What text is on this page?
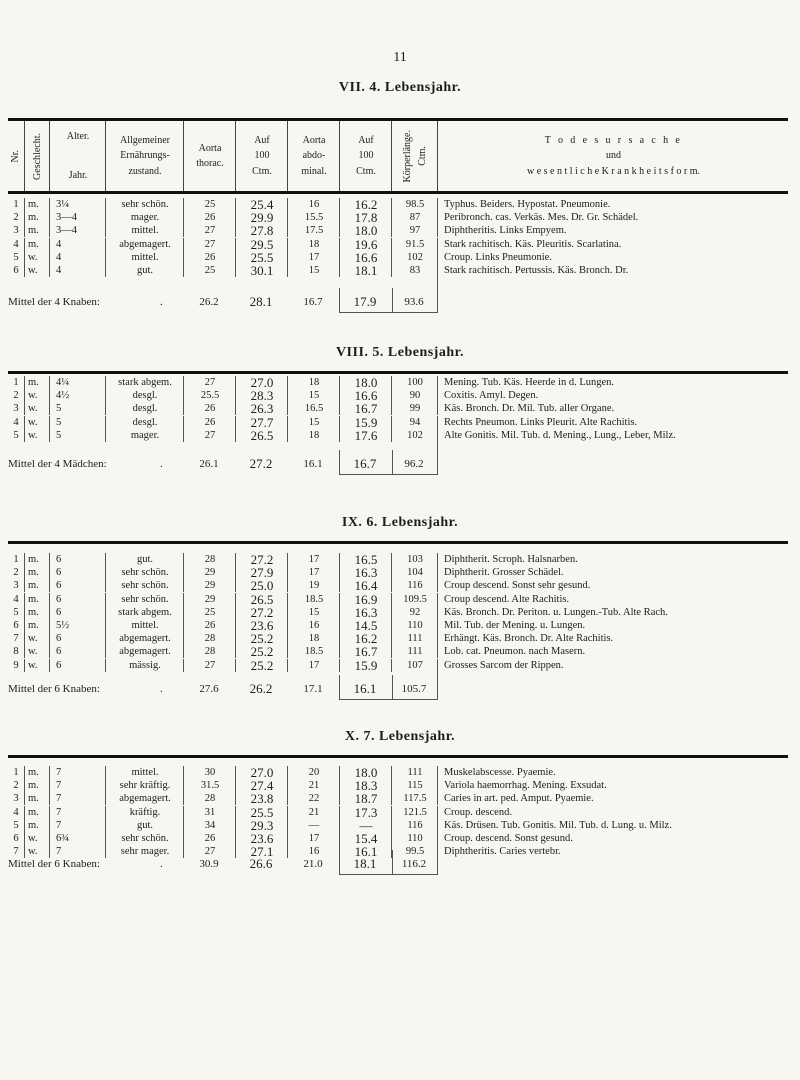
11
Nr. Geschlecht. Alter.
Jahr.
Allgemeiner
Ernährungs-
zustand.
Aorta
thorac.
Auf
100
Ctm.
Aorta
abdo-
minal.
Auf
100
Ctm.	Körperlänge. Ctm.
T o d e s u r s a c h e
und
w e s e n t l i c h e K r a n k h e i t s f o r m.
VII. 4. Lebensjahr.
1 m.	3¼	sehr schön.	25	25.4	16	16.2	98.5	Typhus. Beiders. Hypostat. Pneumonie.
2 m.	3—4	mager.	26	29.9	15.5	17.8	87	Peribronch. cas. Verkäs. Mes. Dr. Gr. Schädel.
3 m.	3—4	mittel.	27	27.8	17.5	18.0	97	Diphtheritis. Links Empyem.
4 m.	4	abgemagert.	27	29.5	18	19.6	91.5	Stark rachitisch. Käs. Pleuritis. Scarlatina.
5 w.	4	mittel.	26	25.5	17	16.6	102	Croup. Links Pneumonie.
6 w.	4	gut.	25	30.1	15	18.1	83	Stark rachitisch. Pertussis. Käs. Bronch. Dr.
Mittel der 4 Knaben:	.	26.2	28.1	16.7	17.9	93.6
VIII. 5. Lebensjahr.
1 m.	4¼	stark abgem.	27	27.0	18	18.0	100	Mening. Tub. Käs. Heerde in d. Lungen.
2 w.	4½	desgl.	25.5	28.3	15	16.6	90	Coxitis. Amyl. Degen.
3 w.	5	desgl.	26	26.3	16.5	16.7	99	Käs. Bronch. Dr. Mil. Tub. aller Organe.
4 w.	5	desgl.	26	27.7	15	15.9	94	Rechts Pneumon. Links Pleurit. Alte Rachitis.
5 w.	5	mager.	27	26.5	18	17.6	102	Alte Gonitis. Mil. Tub. d. Mening., Lung., Leber, Milz.
Mittel der 4 Mädchen:	.	26.1	27.2	16.1	16.7	96.2
IX. 6. Lebensjahr.
1 m.	6	gut.	28	27.2	17	16.5	103	Diphtherit. Scroph. Halsnarben.
2 m.	6	sehr schön.	29	27.9	17	16.3	104	Diphtherit. Grosser Schädel.
3 m.	6	sehr schön.	29	25.0	19	16.4	116	Croup descend. Sonst sehr gesund.
4 m.	6	sehr schön.	29	26.5	18.5	16.9	109.5	Croup descend. Alte Rachitis.
5 m.	6	stark abgem.	25	27.2	15	16.3	92	Käs. Bronch. Dr. Periton. u. Lungen.-Tub. Alte Rach.
6 m.	5½	mittel.	26	23.6	16	14.5	110	Mil. Tub. der Mening. u. Lungen.
7 w.	6	abgemagert.	28	25.2	18	16.2	111	Erhängt. Käs. Bronch. Dr. Alte Rachitis.
8 w.	6	abgemagert.	28	25.2	18.5	16.7	111	Lob. cat. Pneumon. nach Masern.
9 w.	6	mässig.	27	25.2	17	15.9	107	Grosses Sarcom der Rippen.
Mittel der 6 Knaben:	.	27.6	26.2	17.1	16.1	105.7
X. 7. Lebensjahr.
1 m.	7	mittel.	30	27.0	20	18.0	111	Muskelabscesse. Pyaemie.
2 m.	7	sehr kräftig.	31.5	27.4	21	18.3	115	Variola haemorrhag. Mening. Exsudat.
3 m.	7	abgemagert.	28	23.8	22	18.7	117.5	Caries in art. ped. Amput. Pyaemie.
4 m.	7	kräftig.	31	25.5	21	17.3	121.5	Croup. descend.
5 m.	7	gut.	34	29.3	—	—	116	Käs. Drüsen. Tub. Gonitis. Mil. Tub. d. Lung. u. Milz.
6 w.	6¾	sehr schön.	26	23.6	17	15.4	110	Croup. descend. Sonst gesund.
7 w.	7	sehr mager.	27	27.1	16	16.1	99.5	Diphtheritis. Caries vertebr.
Mittel der 6 Knaben:	.	30.9	26.6	21.0	18.1	116.2
